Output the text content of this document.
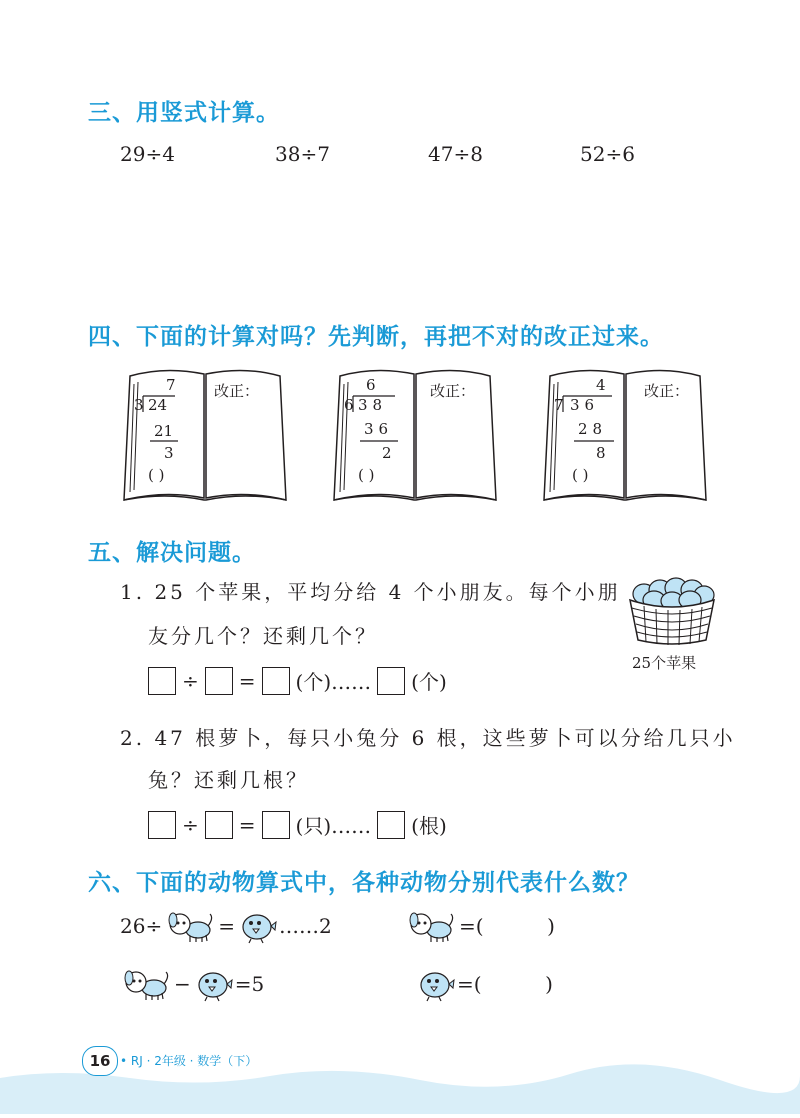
三、用竖式计算。
29÷4	38÷7	47÷8	52÷6
四、下面的计算对吗？先判断，再把不对的改正过来。
7
3 24
21
3
( )
改正：	6
6 38
36
2
( )
改正：	4
7 36
28
8
( )
改正：
五、解决问题。
1. 25 个苹果，平均分给 4 个小朋友。每个小朋
友分几个？还剩几个？
÷ = (个)…… (个)
25个苹果
2. 47 根萝卜，每只小兔分 6 根，这些萝卜可以分给几只小
兔？还剩几根？
÷ = (只)…… (根)
六、下面的动物算式中，各种动物分别代表什么数？
26÷	= ……2	=(          )
− =5	=(          )
16 • RJ · 2年级 · 数学（下）
